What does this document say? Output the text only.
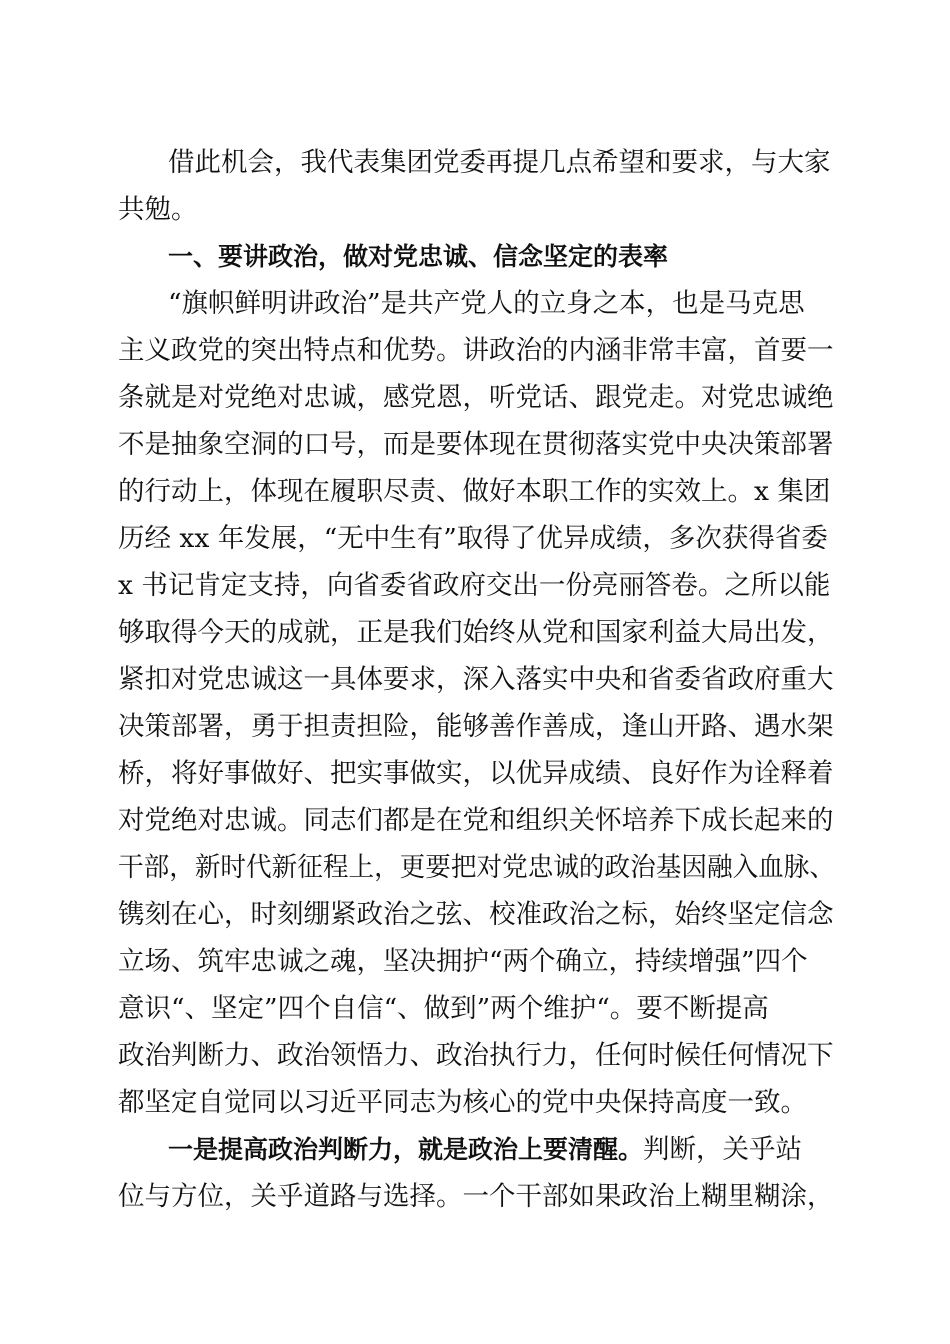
借此机会，我代表集团党委再提几点希望和要求，与大家
共勉。
一、要讲政治，做对党忠诚、信念坚定的表率
“旗帜鲜明讲政治”是共产党人的立身之本，也是马克思
主义政党的突出特点和优势。讲政治的内涵非常丰富，首要一
条就是对党绝对忠诚，感党恩，听党话、跟党走。对党忠诚绝
不是抽象空洞的口号，而是要体现在贯彻落实党中央决策部署
的行动上，体现在履职尽责、做好本职工作的实效上。x 集团
历经 xx 年发展，“无中生有”取得了优异成绩，多次获得省委
x 书记肯定支持，向省委省政府交出一份亮丽答卷。之所以能
够取得今天的成就，正是我们始终从党和国家利益大局出发，
紧扣对党忠诚这一具体要求，深入落实中央和省委省政府重大
决策部署，勇于担责担险，能够善作善成，逢山开路、遇水架
桥，将好事做好、把实事做实，以优异成绩、良好作为诠释着
对党绝对忠诚。同志们都是在党和组织关怀培养下成长起来的
干部，新时代新征程上，更要把对党忠诚的政治基因融入血脉、
镌刻在心，时刻绷紧政治之弦、校准政治之标，始终坚定信念
立场、筑牢忠诚之魂，坚决拥护“两个确立，持续增强”四个
意识“、坚定”四个自信“、做到”两个维护“。要不断提高
政治判断力、政治领悟力、政治执行力，任何时候任何情况下
都坚定自觉同以习近平同志为核心的党中央保持高度一致。
一是提高政治判断力，就是政治上要清醒。判断，关乎站
位与方位，关乎道路与选择。一个干部如果政治上糊里糊涂，
